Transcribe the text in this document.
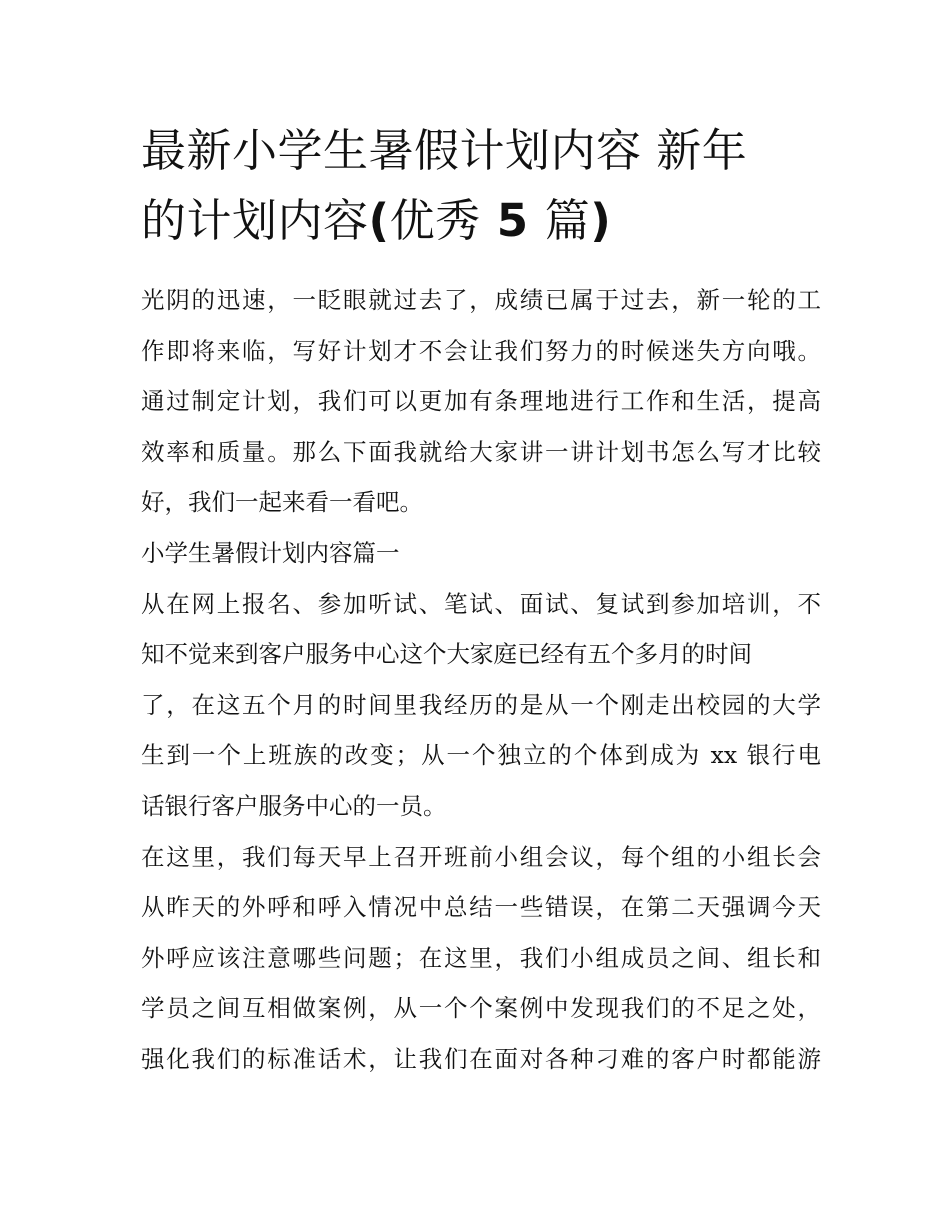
最新小学生暑假计划内容 新年
的计划内容(优秀 5 篇)
光阴的迅速，一眨眼就过去了，成绩已属于过去，新一轮的工
作即将来临，写好计划才不会让我们努力的时候迷失方向哦。
通过制定计划，我们可以更加有条理地进行工作和生活，提高
效率和质量。那么下面我就给大家讲一讲计划书怎么写才比较
好，我们一起来看一看吧。
小学生暑假计划内容篇一
从在网上报名、参加听试、笔试、面试、复试到参加培训，不
知不觉来到客户服务中心这个大家庭已经有五个多月的时间
了，在这五个月的时间里我经历的是从一个刚走出校园的大学
生到一个上班族的改变；从一个独立的个体到成为 xx 银行电
话银行客户服务中心的一员。
在这里，我们每天早上召开班前小组会议，每个组的小组长会
从昨天的外呼和呼入情况中总结一些错误，在第二天强调今天
外呼应该注意哪些问题；在这里，我们小组成员之间、组长和
学员之间互相做案例，从一个个案例中发现我们的不足之处，
强化我们的标准话术，让我们在面对各种刁难的客户时都能游
